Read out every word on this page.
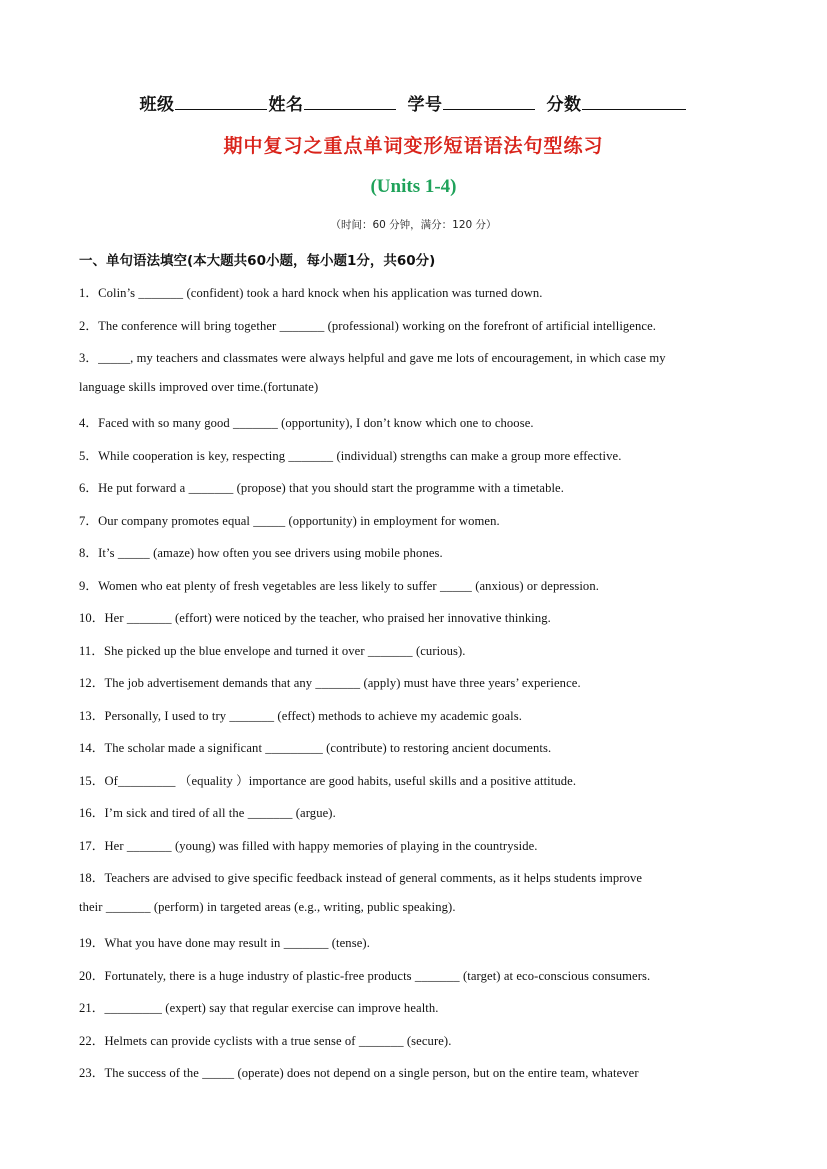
班级	姓名	学号	分数
期中复习之重点单词变形短语语法句型练习
(Units 1-4)
（时间：60 分钟，满分：120 分）
一、单句语法填空(本大题共60小题，每小题1分，共60分)
1．Colin’s _______ (confident) took a hard knock when his application was turned down.
2．The conference will bring together _______ (professional) working on the forefront of artificial intelligence.
3．_____, my teachers and classmates were always helpful and gave me lots of encouragement, in which case my
language skills improved over time.(fortunate)
4．Faced with so many good _______ (opportunity), I don’t know which one to choose.
5．While cooperation is key, respecting _______ (individual) strengths can make a group more effective.
6．He put forward a _______ (propose) that you should start the programme with a timetable.
7．Our company promotes equal _____ (opportunity) in employment for women.
8．It’s _____ (amaze) how often you see drivers using mobile phones.
9．Women who eat plenty of fresh vegetables are less likely to suffer _____ (anxious) or depression.
10．Her _______ (effort) were noticed by the teacher, who praised her innovative thinking.
11．She picked up the blue envelope and turned it over _______ (curious).
12．The job advertisement demands that any _______ (apply) must have three years’ experience.
13．Personally, I used to try _______ (effect) methods to achieve my academic goals.
14．The scholar made a significant _________ (contribute) to restoring ancient documents.
15．Of_________ （equality ）importance are good habits, useful skills and a positive attitude.
16．I’m sick and tired of all the _______ (argue).
17．Her _______ (young) was filled with happy memories of playing in the countryside.
18．Teachers are advised to give specific feedback instead of general comments, as it helps students improve
their _______ (perform) in targeted areas (e.g., writing, public speaking).
19．What you have done may result in _______ (tense).
20．Fortunately, there is a huge industry of plastic-free products _______ (target) at eco-conscious consumers.
21．_________ (expert) say that regular exercise can improve health.
22．Helmets can provide cyclists with a true sense of _______ (secure).
23．The success of the _____ (operate) does not depend on a single person, but on the entire team, whatever
